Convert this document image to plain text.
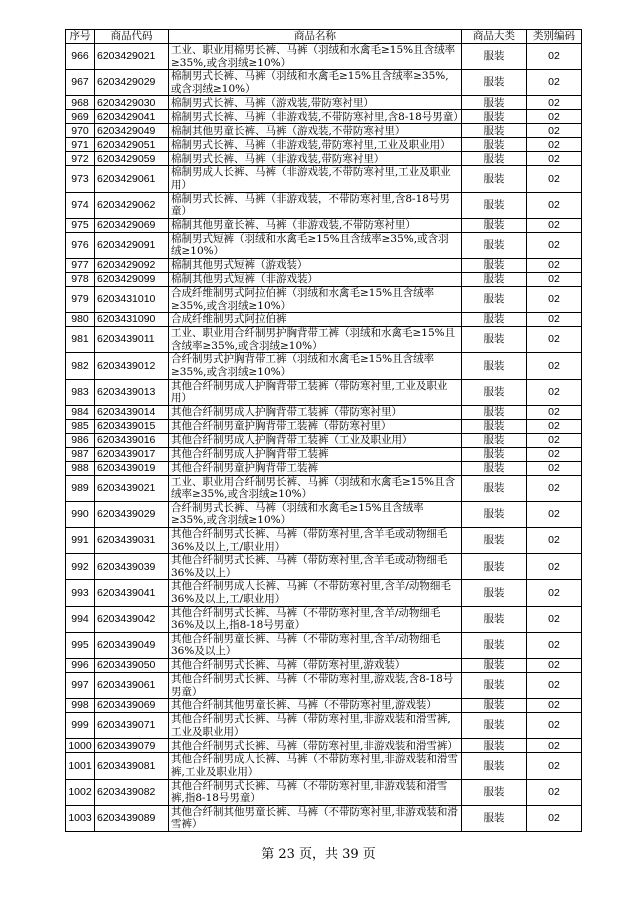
序号	商品代码	商品名称	商品大类	类别编码
966	6203429021	工业、职业用棉男长裤、马裤（羽绒和水禽毛≥15%且含绒率≥35%,或含羽绒≥10%）	服装	02
967	6203429029	棉制男式长裤、马裤（羽绒和水禽毛≥15%且含绒率≥35%,或含羽绒≥10%）	服装	02
968	6203429030	棉制男式长裤、马裤（游戏装,带防寒衬里）	服装	02
969	6203429041	棉制男式长裤、马裤（非游戏装,不带防寒衬里,含8-18号男童）	服装	02
970	6203429049	棉制其他男童长裤、马裤（游戏装,不带防寒衬里）	服装	02
971	6203429051	棉制男式长裤、马裤（非游戏装,带防寒衬里,工业及职业用）	服装	02
972	6203429059	棉制男式长裤、马裤（非游戏装,带防寒衬里）	服装	02
973	6203429061	棉制男成人长裤、马裤（非游戏装,不带防寒衬里,工业及职业用）	服装	02
974	6203429062	棉制男式长裤、马裤（非游戏装，不带防寒衬里,含8-18号男童）	服装	02
975	6203429069	棉制其他男童长裤、马裤（非游戏装,不带防寒衬里）	服装	02
976	6203429091	棉制男式短裤（羽绒和水禽毛≥15%且含绒率≥35%,或含羽绒≥10%）	服装	02
977	6203429092	棉制其他男式短裤（游戏装）	服装	02
978	6203429099	棉制其他男式短裤（非游戏装）	服装	02
979	6203431010	合成纤维制男式阿拉伯裤（羽绒和水禽毛≥15%且含绒率≥35%,或含羽绒≥10%）	服装	02
980	6203431090	合成纤维制男式阿拉伯裤	服装	02
981	6203439011	工业、职业用合纤制男护胸背带工裤（羽绒和水禽毛≥15%且含绒率≥35%,或含羽绒≥10%）	服装	02
982	6203439012	合纤制男式护胸背带工裤（羽绒和水禽毛≥15%且含绒率≥35%,或含羽绒≥10%）	服装	02
983	6203439013	其他合纤制男成人护胸背带工装裤（带防寒衬里,工业及职业用）	服装	02
984	6203439014	其他合纤制男成人护胸背带工装裤（带防寒衬里）	服装	02
985	6203439015	其他合纤制男童护胸背带工装裤（带防寒衬里）	服装	02
986	6203439016	其他合纤制男成人护胸背带工装裤（工业及职业用）	服装	02
987	6203439017	其他合纤制男成人护胸背带工装裤	服装	02
988	6203439019	其他合纤制男童护胸背带工装裤	服装	02
989	6203439021	工业、职业用合纤制男长裤、马裤（羽绒和水禽毛≥15%且含绒率≥35%,或含羽绒≥10%）	服装	02
990	6203439029	合纤制男式长裤、马裤（羽绒和水禽毛≥15%且含绒率≥35%,或含羽绒≥10%）	服装	02
991	6203439031	其他合纤制男式长裤、马裤（带防寒衬里,含羊毛或动物细毛36%及以上,工/职业用）	服装	02
992	6203439039	其他合纤制男式长裤、马裤（带防寒衬里,含羊毛或动物细毛36%及以上）	服装	02
993	6203439041	其他合纤制男成人长裤、马裤（不带防寒衬里,含羊/动物细毛36%及以上,工/职业用）	服装	02
994	6203439042	其他合纤制男式长裤、马裤（不带防寒衬里,含羊/动物细毛36%及以上,指8-18号男童）	服装	02
995	6203439049	其他合纤制男童长裤、马裤（不带防寒衬里,含羊/动物细毛36%及以上）	服装	02
996	6203439050	其他合纤制男式长裤、马裤（带防寒衬里,游戏装）	服装	02
997	6203439061	其他合纤制男式长裤、马裤（不带防寒衬里,游戏装,含8-18号男童）	服装	02
998	6203439069	其他合纤制其他男童长裤、马裤（不带防寒衬里,游戏装）	服装	02
999	6203439071	其他合纤制男式长裤、马裤（带防寒衬里,非游戏装和滑雪裤,工业及职业用）	服装	02
1000	6203439079	其他合纤制男式长裤、马裤（带防寒衬里,非游戏装和滑雪裤）	服装	02
1001	6203439081	其他合纤制男成人长裤、马裤（不带防寒衬里,非游戏装和滑雪裤,工业及职业用）	服装	02
1002	6203439082	其他合纤制男式长裤、马裤（不带防寒衬里,非游戏装和滑雪裤,指8-18号男童）	服装	02
1003	6203439089	其他合纤制其他男童长裤、马裤（不带防寒衬里,非游戏装和滑雪裤）	服装	02
第 23 页，共 39 页
